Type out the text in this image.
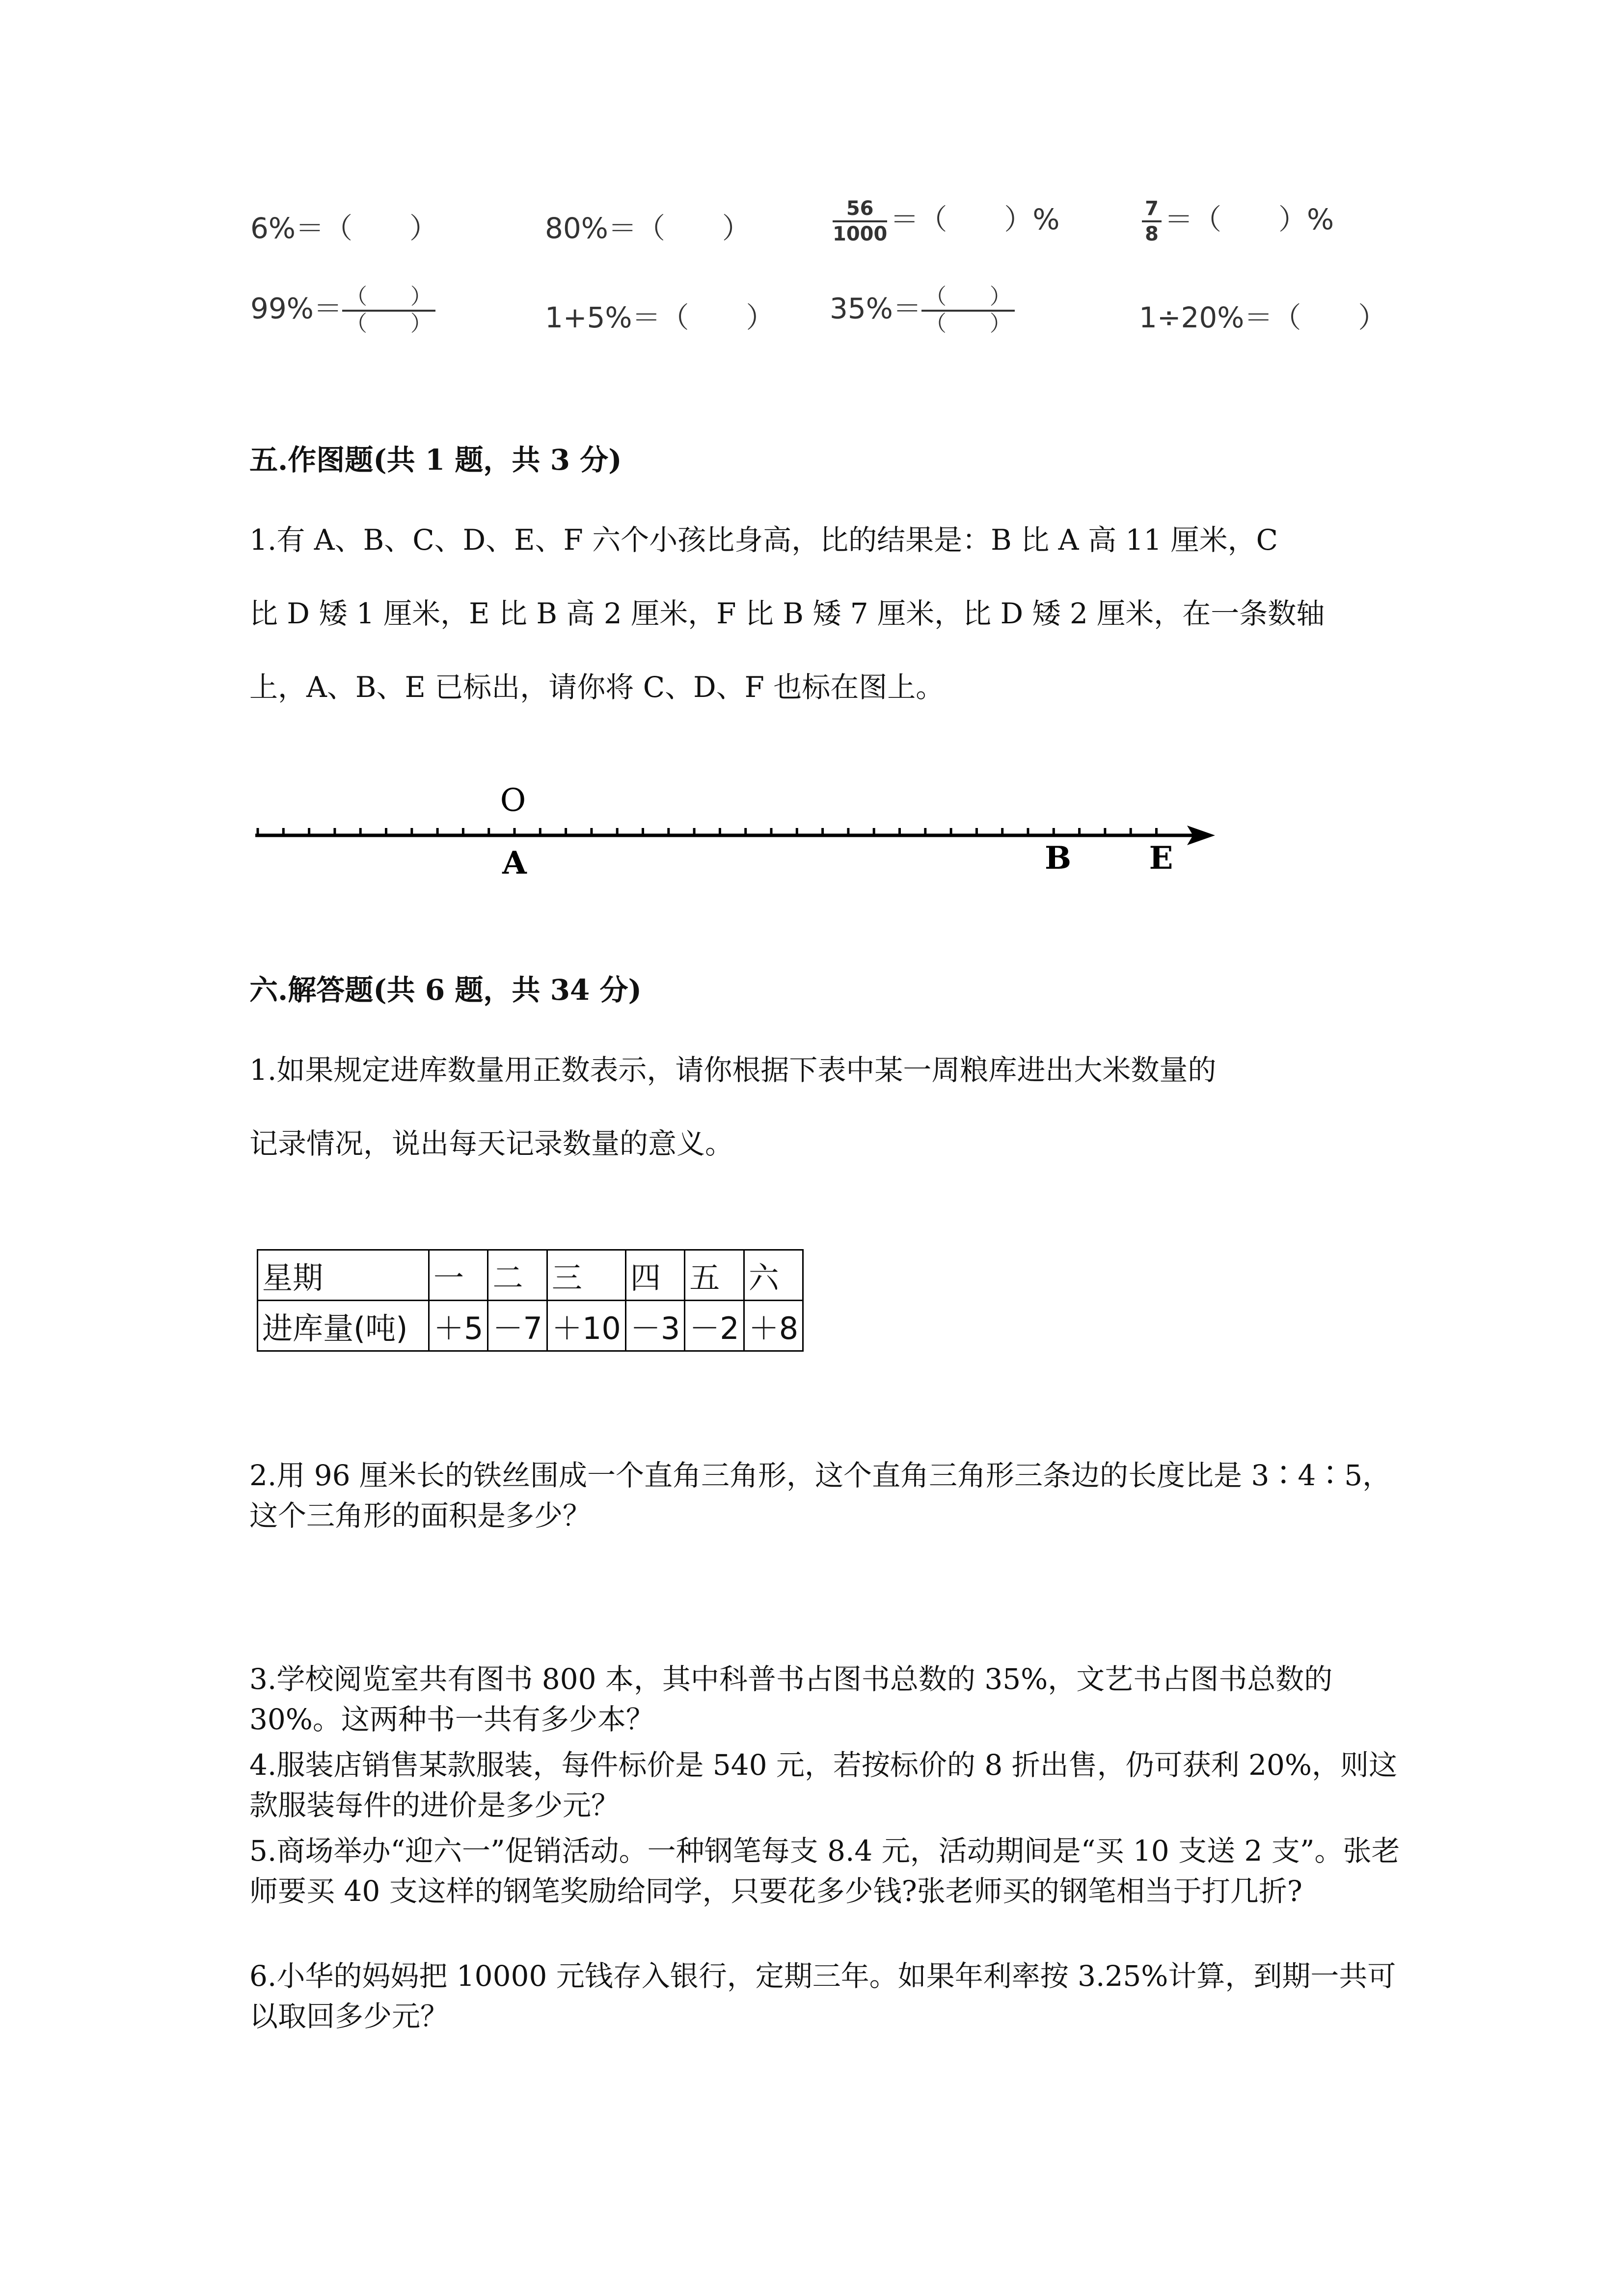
6%＝（　　）	80%＝（　　）	$\frac{56}{1000}$ ＝（　　）%	$\frac{7}{8}$ ＝（　　）%
99%＝ （　　）
（　　）	1+5%＝（　　） 35%＝ （　　）
（　　）	1÷20%＝（　　）
五.作图题(共 1 题，共 3 分)
1.有 A、B、C、D、E、F 六个小孩比身高，比的结果是：B 比 A 高 11 厘米，C
比 D 矮 1 厘米，E 比 B 高 2 厘米，F 比 B 矮 7 厘米，比 D 矮 2 厘米，在一条数轴
上，A、B、E 已标出，请你将 C、D、F 也标在图上。
O
A	B E
六.解答题(共 6 题，共 34 分)
1.如果规定进库数量用正数表示，请你根据下表中某一周粮库进出大米数量的
记录情况，说出每天记录数量的意义。
星期	一	二	三	四	五	六
进库量(吨)	＋5	－7	＋10	－3	－2	＋8
2.用 96 厘米长的铁丝围成一个直角三角形，这个直角三角形三条边的长度比是 3∶4∶5，这个三角形的面积是多少？
3.学校阅览室共有图书 800 本，其中科普书占图书总数的 35%，文艺书占图书总数的 30%。这两种书一共有多少本？
4.服装店销售某款服装，每件标价是 540 元，若按标价的 8 折出售，仍可获利 20%，则这款服装每件的进价是多少元？
5.商场举办“迎六一”促销活动。一种钢笔每支 8.4 元，活动期间是“买 10 支送 2 支”。张老师要买 40 支这样的钢笔奖励给同学，只要花多少钱?张老师买的钢笔相当于打几折?
6.小华的妈妈把 10000 元钱存入银行，定期三年。如果年利率按 3.25%计算，到期一共可以取回多少元？
